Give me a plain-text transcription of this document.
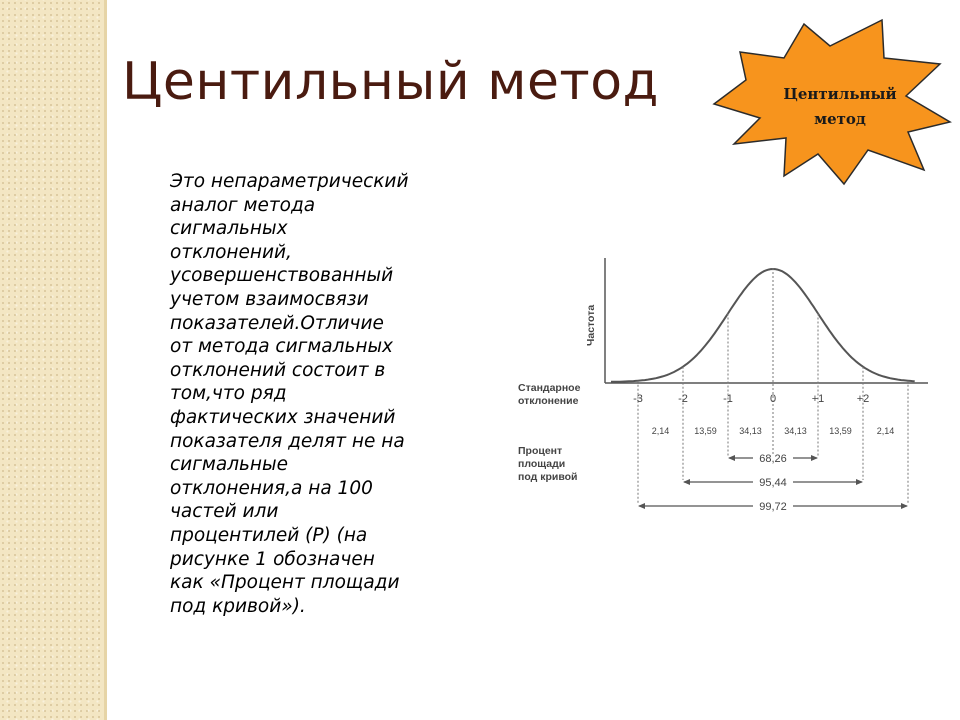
Центильный метод	Центильный
метод

Это непараметрический
аналог метода
сигмальных
отклонений,
усовершенствованный
учетом взаимосвязи
показателей.Отличие
от метода сигмальных
отклонений состоит в
том,что ряд
фактических значений
показателя делят не на
сигмальные
отклонения,а на 100
частей или
процентилей (Р) (на
рисунке 1 обозначен
как «Процент площади
под кривой»).

Частота
Стандарное отклонение
Процент площади под кривой
-3	-2	-1	0	+1	+2
2,14	13,59 34,13 34,13 13,59	2,14
68,26
95,44
99,72
